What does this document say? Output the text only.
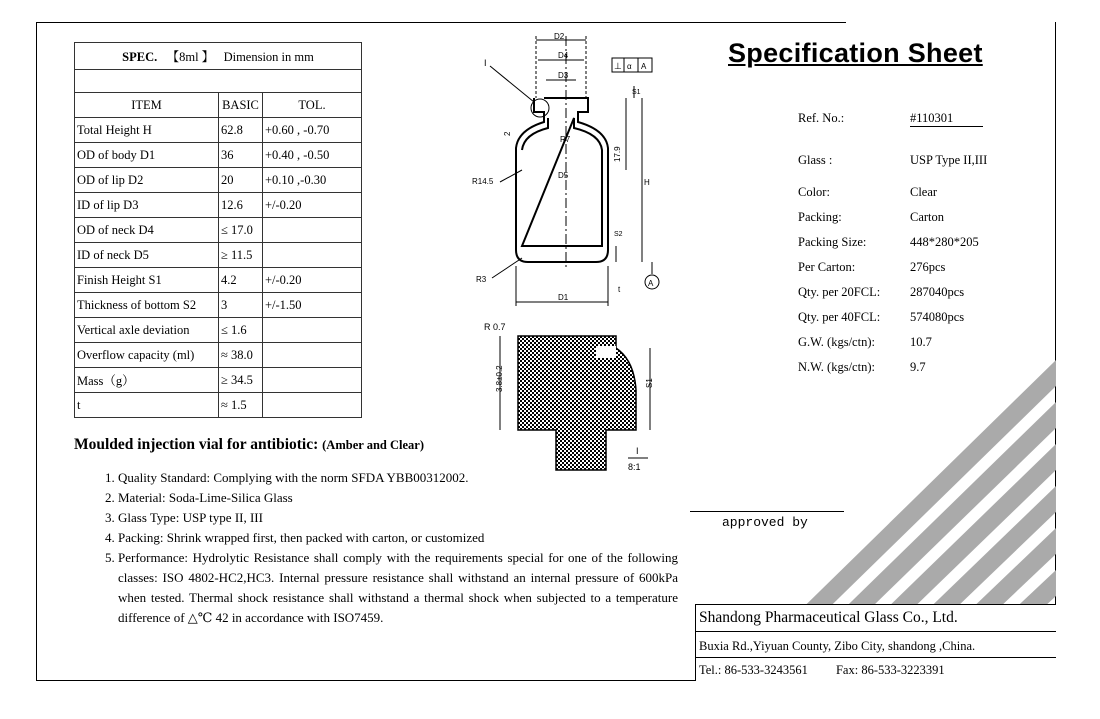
SPEC. 【8ml 】 Dimension in mm		

ITEM	BASIC	TOL.
Total Height H	62.8	+0.60 , -0.70
OD of body D1	36	+0.40 , -0.50
OD of lip D2	20	+0.10 ,-0.30
ID of lip D3	12.6	+/-0.20
OD of neck D4	≤ 17.0	
ID of neck D5	≥ 11.5	
Finish Height S1	4.2	+/-0.20
Thickness of bottom S2	3	+/-1.50
Vertical axle deviation	≤ 1.6	
Overflow capacity (ml)	≈ 38.0	
Mass（g）	≥ 34.5	
t	≈ 1.5	
D2
D4
D3
D1
H
17.9
S1
S2
t
2
I
R7
R14.5
R3
D5
⊥ α A
A
R 0.7
3.8±0.2	S1
I
8:1
Specification Sheet
Ref. No.:	#110301
Glass :	USP Type II,III
Color:	Clear
Packing:	Carton
Packing Size:	448*280*205
Per Carton:	276pcs
Qty. per 20FCL: 287040pcs
Qty. per 40FCL: 574080pcs
G.W. (kgs/ctn):	10.7
N.W. (kgs/ctn):	9.7
Moulded injection vial for antibiotic: (Amber and Clear)
1. Quality Standard: Complying with the norm SFDA YBB00312002.
2. Material: Soda-Lime-Silica Glass
3. Glass Type: USP type II, III
4. Packing: Shrink wrapped first, then packed with carton, or customized
5. Performance: Hydrolytic Resistance shall comply with the requirements special for one of the following classes: ISO 4802-HC2,HC3. Internal pressure resistance shall withstand an internal pressure of 600kPa when tested. Thermal shock resistance shall withstand a thermal shock when subjected to a temperature difference of △℃ 42 in accordance with ISO7459.
approved by
Shandong Pharmaceutical Glass Co., Ltd.
Buxia Rd.,Yiyuan County, Zibo City, shandong ,China.
Tel.: 86-533-3243561 Fax: 86-533-3223391
